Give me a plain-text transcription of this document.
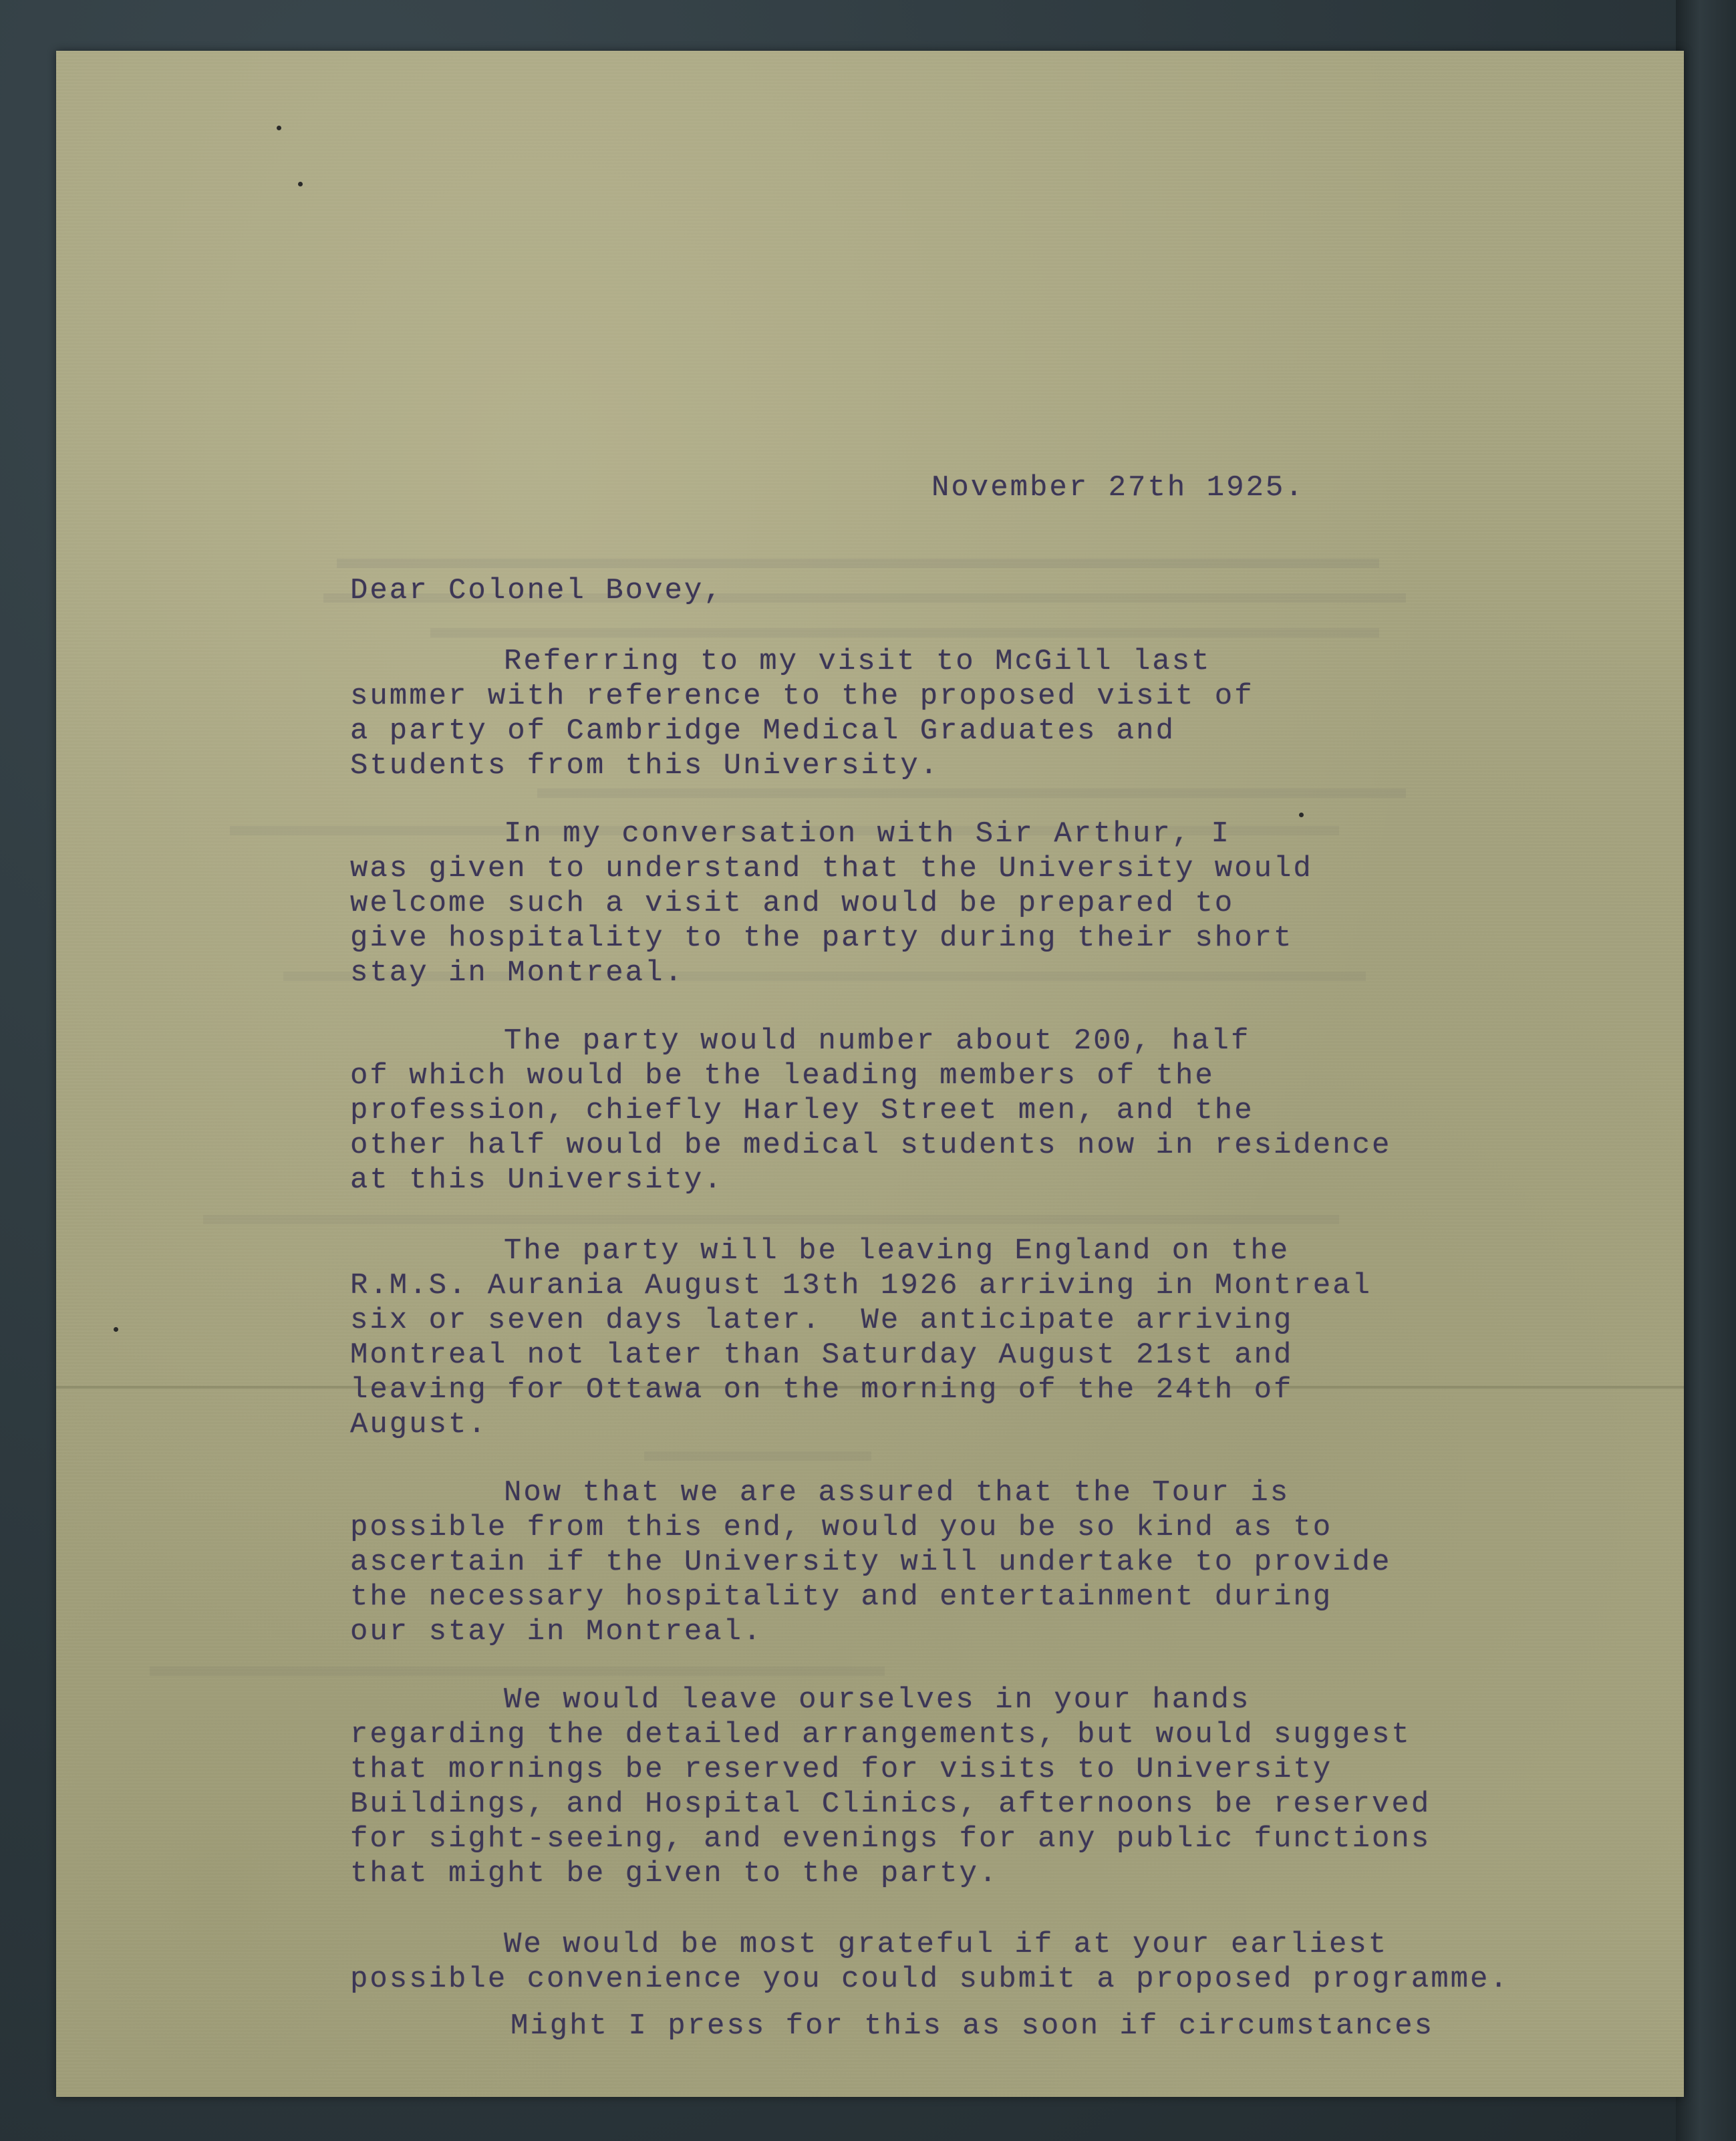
November 27th 1925.
Dear Colonel Bovey,
Referring to my visit to McGill last
summer with reference to the proposed visit of
a party of Cambridge Medical Graduates and
Students from this University.
In my conversation with Sir Arthur, I
was given to understand that the University would
welcome such a visit and would be prepared to
give hospitality to the party during their short
stay in Montreal.
The party would number about 200, half
of which would be the leading members of the
profession, chiefly Harley Street men, and the
other half would be medical students now in residence
at this University.
The party will be leaving England on the
R.M.S. Aurania August 13th 1926 arriving in Montreal
six or seven days later.  We anticipate arriving
Montreal not later than Saturday August 21st and
leaving for Ottawa on the morning of the 24th of
August.
Now that we are assured that the Tour is
possible from this end, would you be so kind as to
ascertain if the University will undertake to provide
the necessary hospitality and entertainment during
our stay in Montreal.
We would leave ourselves in your hands
regarding the detailed arrangements, but would suggest
that mornings be reserved for visits to University
Buildings, and Hospital Clinics, afternoons be reserved
for sight-seeing, and evenings for any public functions
that might be given to the party.
We would be most grateful if at your earliest
possible convenience you could submit a proposed programme.
Might I press for this as soon if circumstances
